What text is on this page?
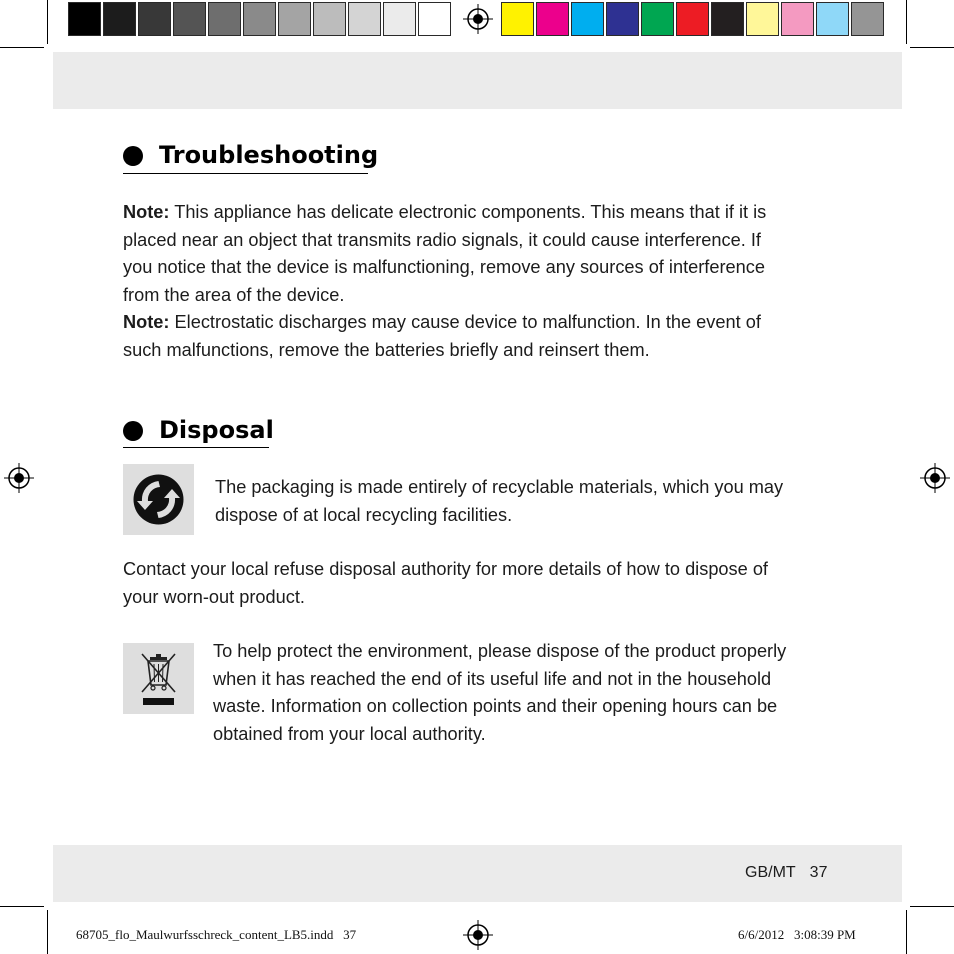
Troubleshooting
Note: This appliance has delicate electronic components. This means that if it is
placed near an object that transmits radio signals, it could cause interference. If
you notice that the device is malfunctioning, remove any sources of interference
from the area of the device.
Note: Electrostatic discharges may cause device to malfunction. In the event of
such malfunctions, remove the batteries briefly and reinsert them.
Disposal
The packaging is made entirely of recyclable materials, which you may
dispose of at local recycling facilities.
Contact your local refuse disposal authority for more details of how to dispose of
your worn-out product.
To help protect the environment, please dispose of the product properly
when it has reached the end of its useful life and not in the household
waste. Information on collection points and their opening hours can be
obtained from your local authority.
GB/MT 37
68705_flo_Maulwurfsschreck_content_LB5.indd   37	6/6/2012   3:08:39 PM
